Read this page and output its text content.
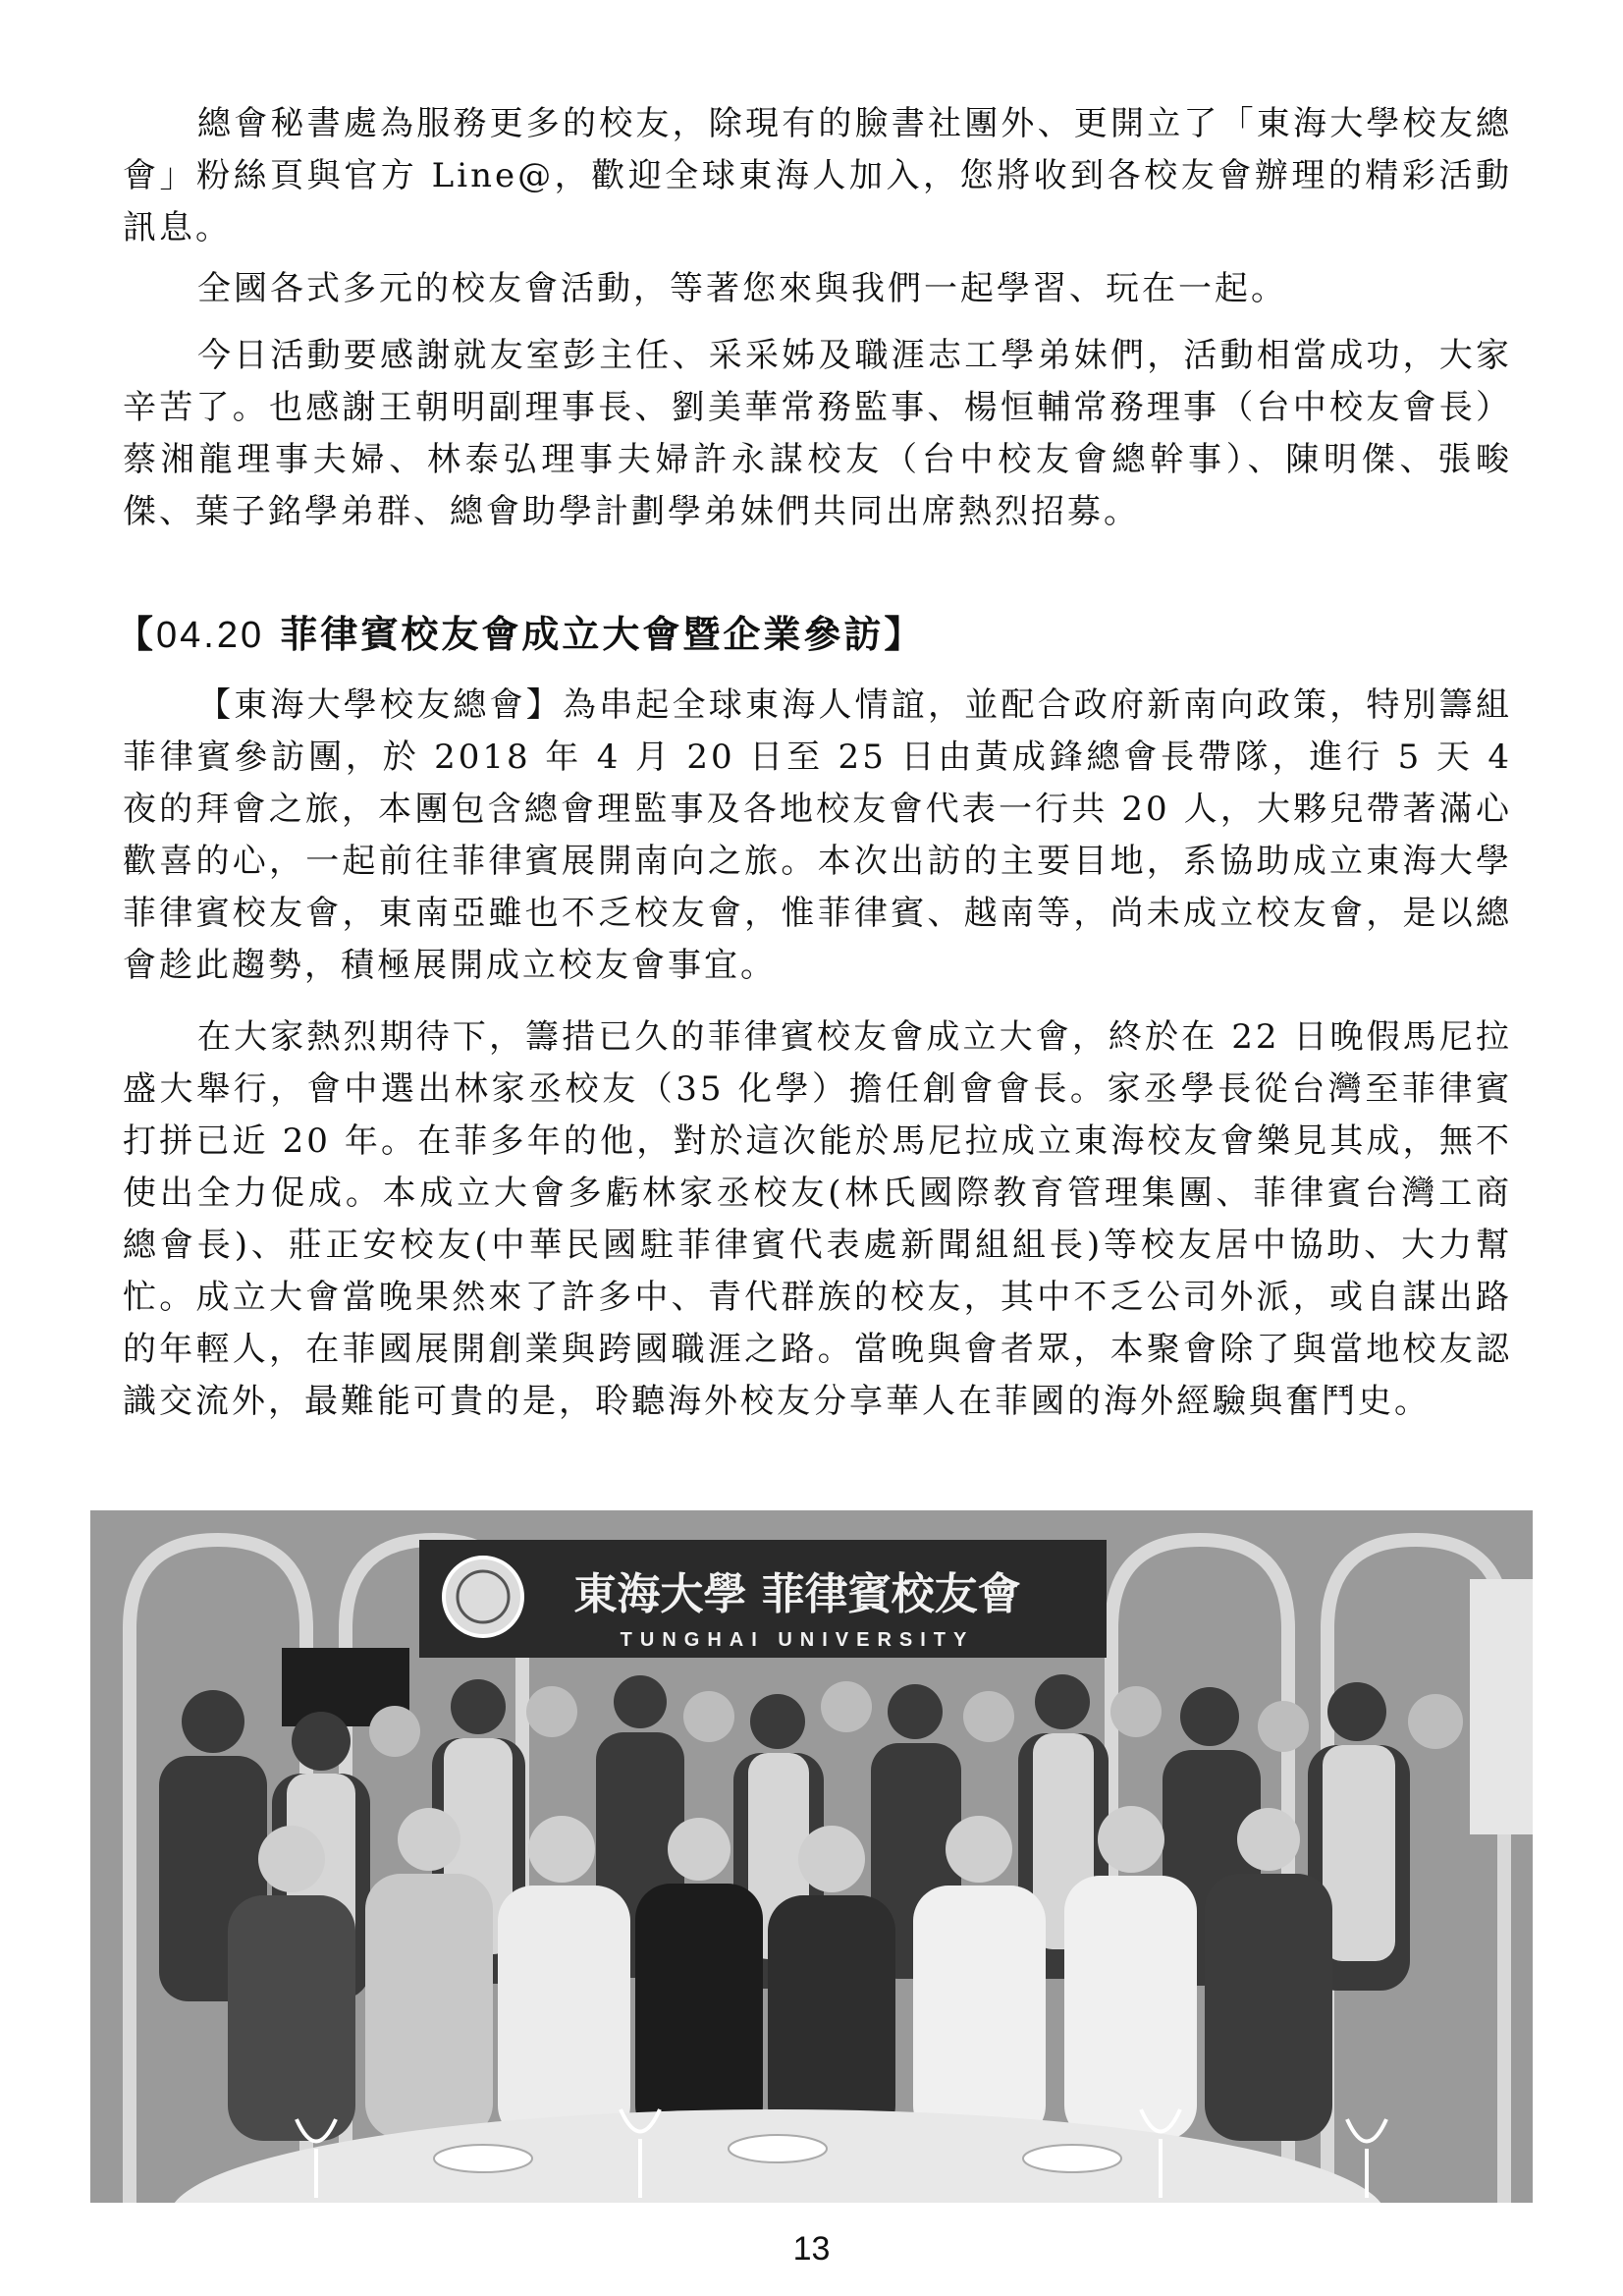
總會秘書處為服務更多的校友，除現有的臉書社團外、更開立了「東海大學校友總會」粉絲頁與官方 Line@，歡迎全球東海人加入，您將收到各校友會辦理的精彩活動訊息。

全國各式多元的校友會活動，等著您來與我們一起學習、玩在一起。

今日活動要感謝就友室彭主任、采采姊及職涯志工學弟妹們，活動相當成功，大家辛苦了。也感謝王朝明副理事長、劉美華常務監事、楊恒輔常務理事（台中校友會長）蔡湘龍理事夫婦、林泰弘理事夫婦許永謀校友（台中校友會總幹事）、陳明傑、張畯傑、葉子銘學弟群、總會助學計劃學弟妹們共同出席熱烈招募。

【04.20 菲律賓校友會成立大會暨企業參訪】

【東海大學校友總會】為串起全球東海人情誼，並配合政府新南向政策，特別籌組菲律賓參訪團，於 2018 年 4 月 20 日至 25 日由黃成鋒總會長帶隊，進行 5 天 4 夜的拜會之旅，本團包含總會理監事及各地校友會代表一行共 20 人，大夥兒帶著滿心歡喜的心，一起前往菲律賓展開南向之旅。本次出訪的主要目地，系協助成立東海大學菲律賓校友會，東南亞雖也不乏校友會，惟菲律賓、越南等，尚未成立校友會，是以總會趁此趨勢，積極展開成立校友會事宜。

在大家熱烈期待下，籌措已久的菲律賓校友會成立大會，終於在 22 日晚假馬尼拉盛大舉行，會中選出林家丞校友（35 化學）擔任創會會長。家丞學長從台灣至菲律賓打拼已近 20 年。在菲多年的他，對於這次能於馬尼拉成立東海校友會樂見其成，無不使出全力促成。本成立大會多虧林家丞校友(林氏國際教育管理集團、菲律賓台灣工商總會長)、莊正安校友(中華民國駐菲律賓代表處新聞組組長)等校友居中協助、大力幫忙。成立大會當晚果然來了許多中、青代群族的校友，其中不乏公司外派，或自謀出路的年輕人，在菲國展開創業與跨國職涯之路。當晚與會者眾，本聚會除了與當地校友認識交流外，最難能可貴的是，聆聽海外校友分享華人在菲國的海外經驗與奮鬥史。

東海大學 菲律賓校友會
TUNGHAI UNIVERSITY
13
